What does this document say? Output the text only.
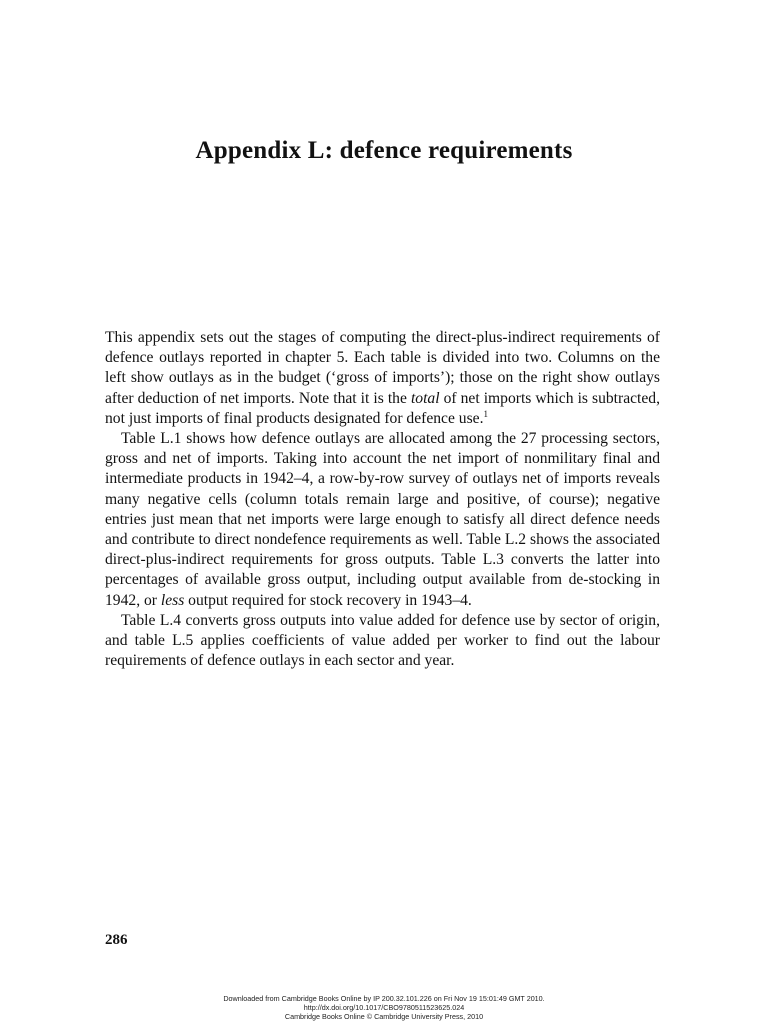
Appendix L: defence requirements

This appendix sets out the stages of computing the direct-plus-indirect requirements of defence outlays reported in chapter 5. Each table is divided into two. Columns on the left show outlays as in the budget (‘gross of imports’); those on the right show outlays after deduction of net imports. Note that it is the total of net imports which is subtracted, not just imports of final products designated for defence use.$^1$

Table L.1 shows how defence outlays are allocated among the 27 processing sectors, gross and net of imports. Taking into account the net import of nonmilitary final and intermediate products in 1942–4, a row-by-row survey of outlays net of imports reveals many negative cells (column totals remain large and positive, of course); negative entries just mean that net imports were large enough to satisfy all direct defence needs and contribute to direct nondefence requirements as well. Table L.2 shows the associated direct-plus-indirect requirements for gross outputs. Table L.3 converts the latter into percentages of available gross output, including output available from de-stocking in 1942, or less output required for stock recovery in 1943–4.

Table L.4 converts gross outputs into value added for defence use by sector of origin, and table L.5 applies coefficients of value added per worker to find out the labour requirements of defence outlays in each sector and year.

286
Downloaded from Cambridge Books Online by IP 200.32.101.226 on Fri Nov 19 15:01:49 GMT 2010.
http://dx.doi.org/10.1017/CBO9780511523625.024
Cambridge Books Online © Cambridge University Press, 2010
